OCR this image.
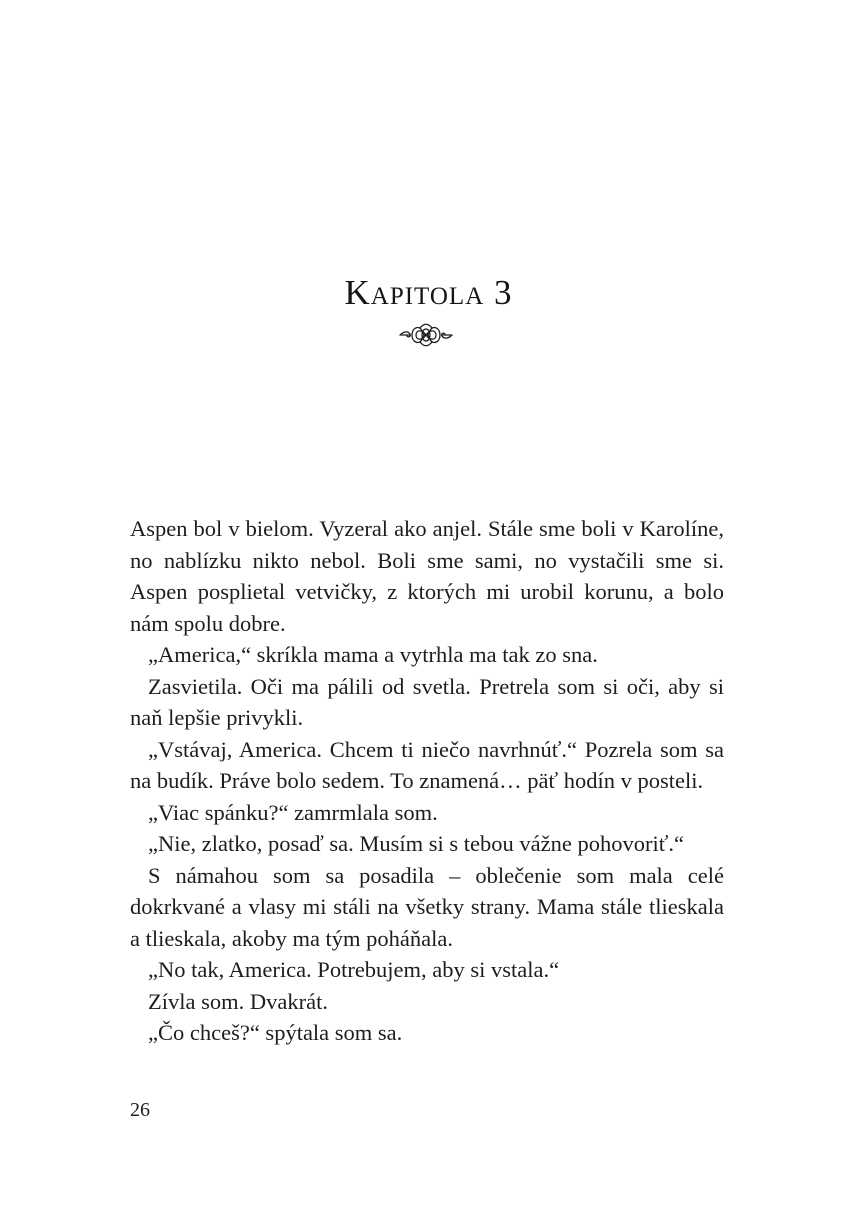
Kapitola 3

Aspen bol v bielom. Vyzeral ako anjel. Stále sme boli v Karolíne, no nablízku nikto nebol. Boli sme sami, no vystačili sme si. Aspen posplietal vetvičky, z ktorých mi urobil korunu, a bolo nám spolu dobre.

„America,“ skríkla mama a vytrhla ma tak zo sna.

Zasvietila. Oči ma pálili od svetla. Pretrela som si oči, aby si naň lepšie privykli.

„Vstávaj, America. Chcem ti niečo navrhnúť.“ Pozrela som sa na budík. Práve bolo sedem. To znamená… päť hodín v posteli.

„Viac spánku?“ zamrmlala som.

„Nie, zlatko, posaď sa. Musím si s tebou vážne pohovoriť.“

S námahou som sa posadila – oblečenie som mala celé dokrkvané a vlasy mi stáli na všetky strany. Mama stále tlieskala a tlieskala, akoby ma tým poháňala.

„No tak, America. Potrebujem, aby si vstala.“

Zívla som. Dvakrát.

„Čo chceš?“ spýtala som sa.

26
